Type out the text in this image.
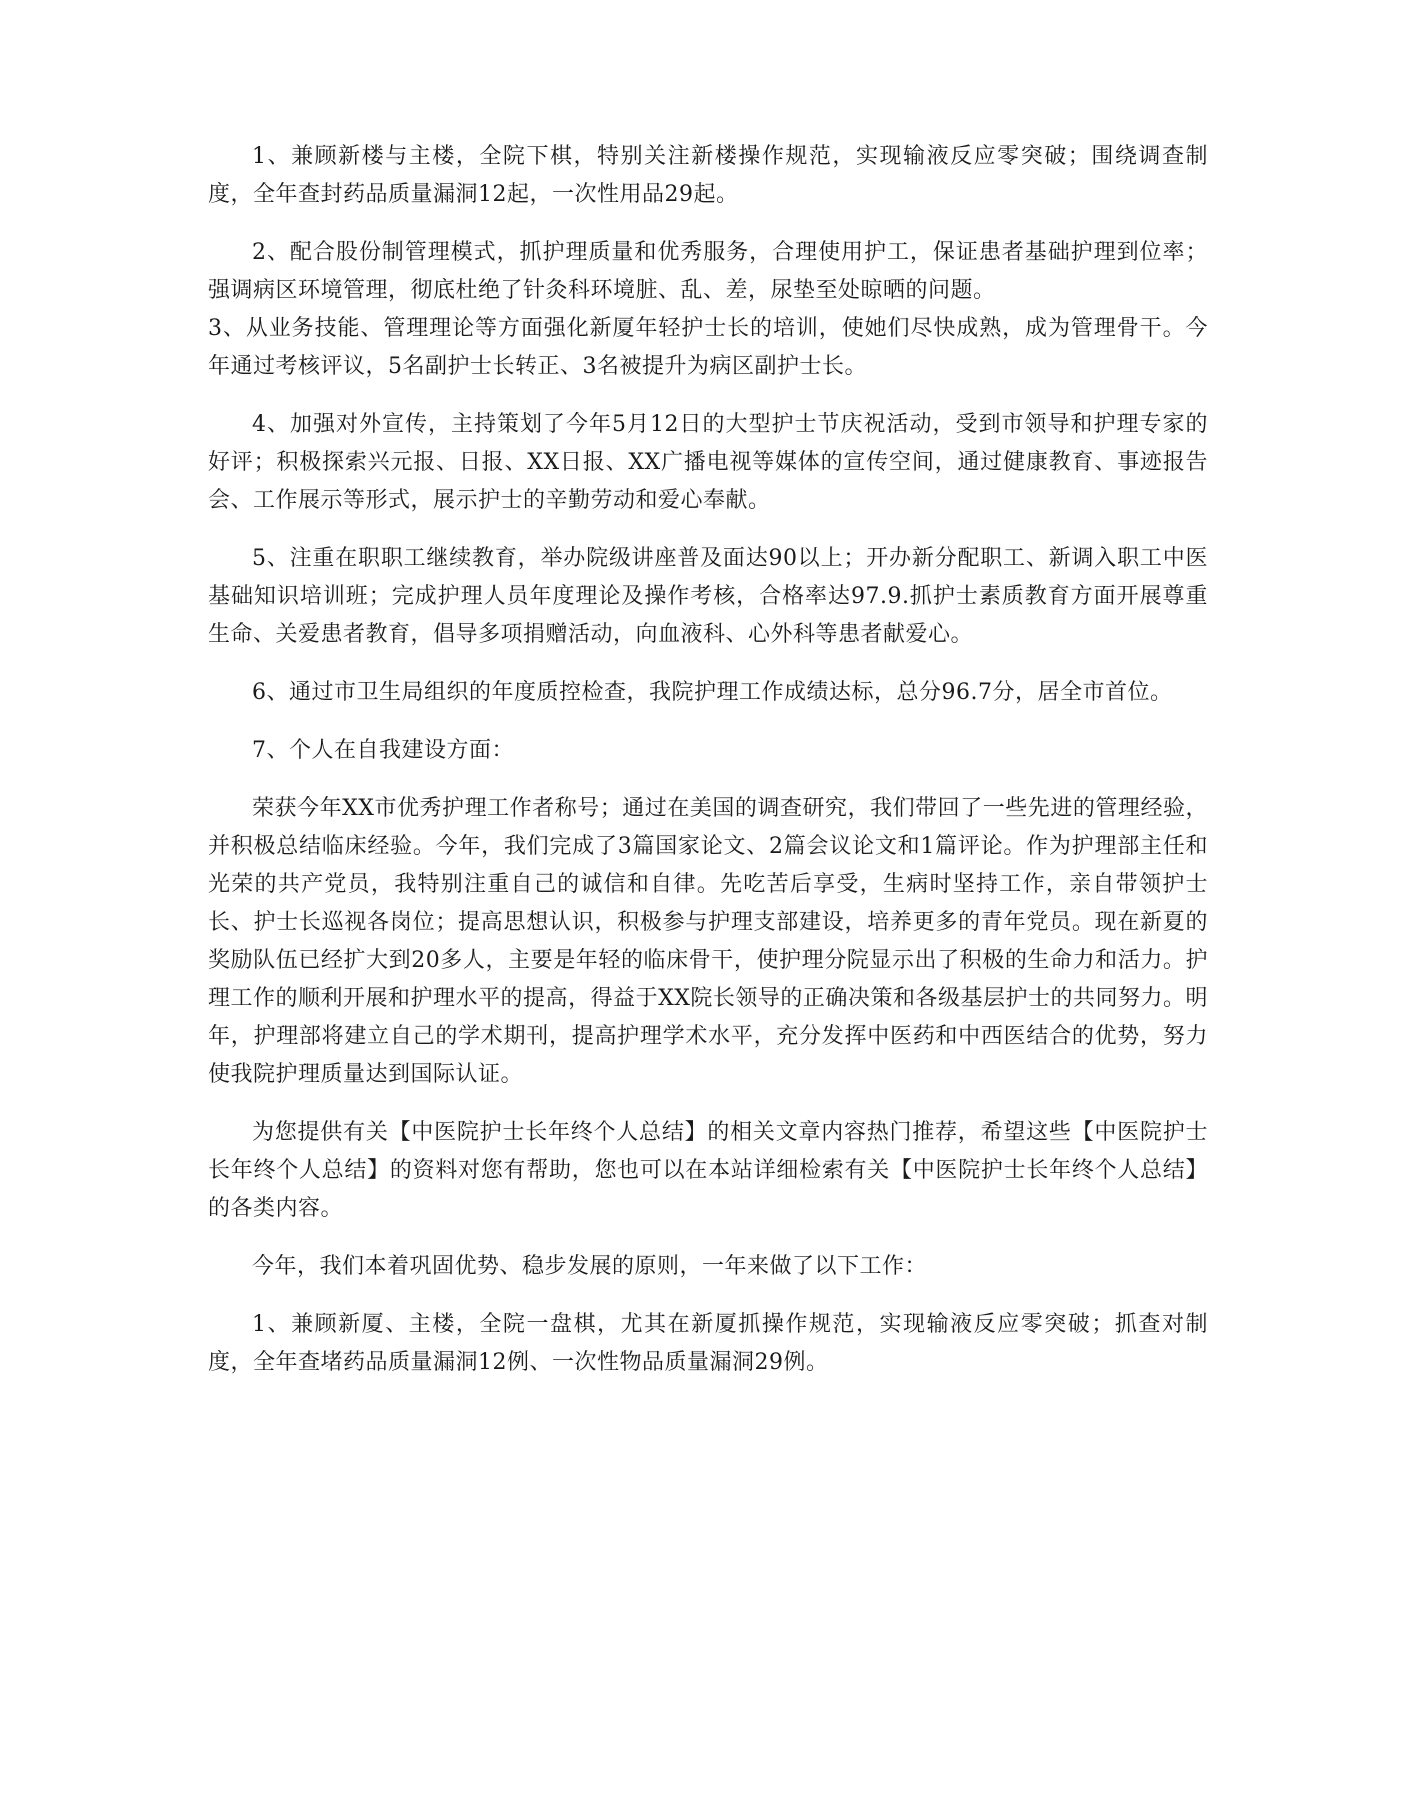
1、兼顾新楼与主楼，全院下棋，特别关注新楼操作规范，实现输液反应零突破；围绕调查制度，全年查封药品质量漏洞12起，一次性用品29起。

2、配合股份制管理模式，抓护理质量和优秀服务，合理使用护工，保证患者基础护理到位率；强调病区环境管理，彻底杜绝了针灸科环境脏、乱、差，尿垫至处晾晒的问题。

3、从业务技能、管理理论等方面强化新厦年轻护士长的培训，使她们尽快成熟，成为管理骨干。今年通过考核评议，5名副护士长转正、3名被提升为病区副护士长。

4、加强对外宣传，主持策划了今年5月12日的大型护士节庆祝活动，受到市领导和护理专家的好评；积极探索兴元报、日报、XX日报、XX广播电视等媒体的宣传空间，通过健康教育、事迹报告会、工作展示等形式，展示护士的辛勤劳动和爱心奉献。

5、注重在职职工继续教育，举办院级讲座普及面达90以上；开办新分配职工、新调入职工中医基础知识培训班；完成护理人员年度理论及操作考核，合格率达97.9.抓护士素质教育方面开展尊重生命、关爱患者教育，倡导多项捐赠活动，向血液科、心外科等患者献爱心。

6、通过市卫生局组织的年度质控检查，我院护理工作成绩达标，总分96.7分，居全市首位。

7、个人在自我建设方面：

荣获今年XX市优秀护理工作者称号；通过在美国的调查研究，我们带回了一些先进的管理经验，并积极总结临床经验。今年，我们完成了3篇国家论文、2篇会议论文和1篇评论。作为护理部主任和光荣的共产党员，我特别注重自己的诚信和自律。先吃苦后享受，生病时坚持工作，亲自带领护士长、护士长巡视各岗位；提高思想认识，积极参与护理支部建设，培养更多的青年党员。现在新夏的奖励队伍已经扩大到20多人，主要是年轻的临床骨干，使护理分院显示出了积极的生命力和活力。护理工作的顺利开展和护理水平的提高，得益于XX院长领导的正确决策和各级基层护士的共同努力。明年，护理部将建立自己的学术期刊，提高护理学术水平，充分发挥中医药和中西医结合的优势，努力使我院护理质量达到国际认证。

为您提供有关【中医院护士长年终个人总结】的相关文章内容热门推荐，希望这些【中医院护士长年终个人总结】的资料对您有帮助，您也可以在本站详细检索有关【中医院护士长年终个人总结】的各类内容。

今年，我们本着巩固优势、稳步发展的原则，一年来做了以下工作：

1、兼顾新厦、主楼，全院一盘棋，尤其在新厦抓操作规范，实现输液反应零突破；抓查对制度，全年查堵药品质量漏洞12例、一次性物品质量漏洞29例。
